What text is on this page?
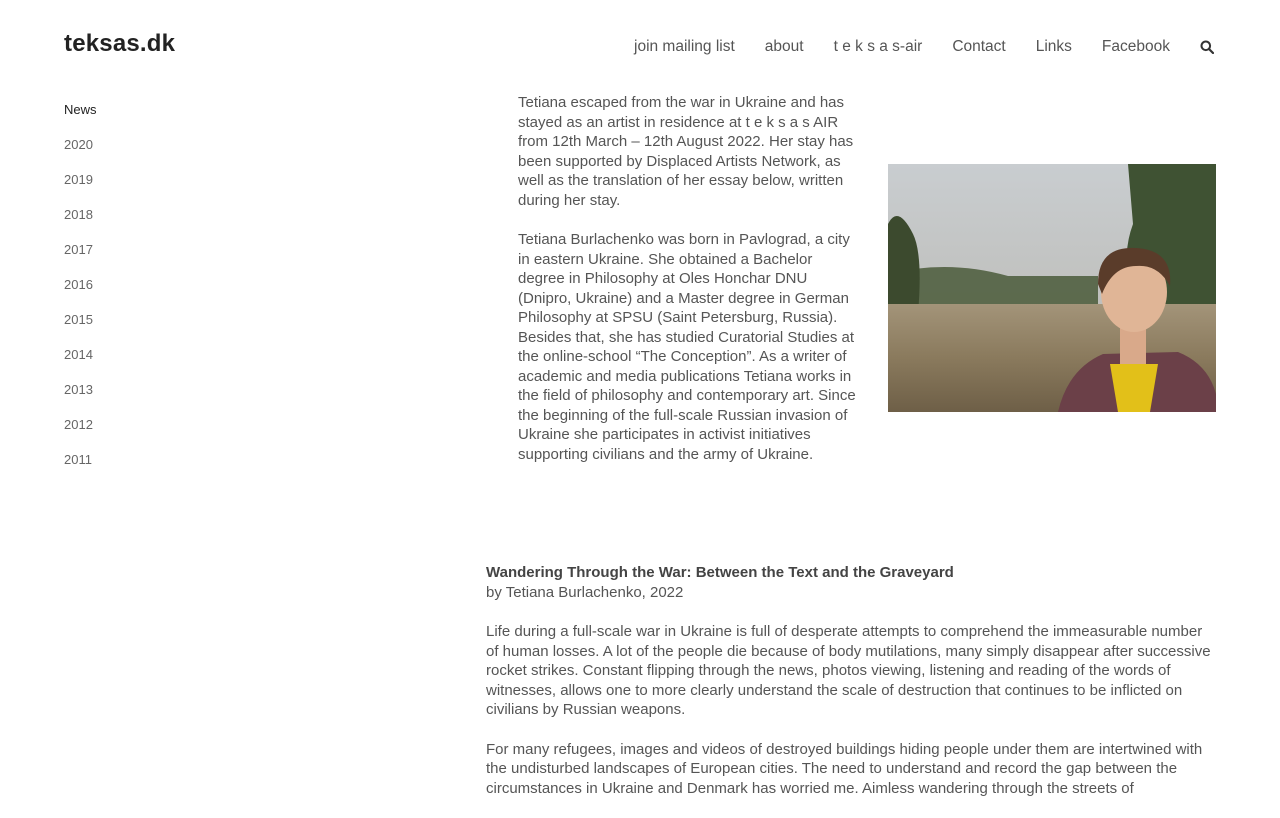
teksas.dk	join mailing list about t e k s a s-air Contact Links Facebook
News
2020
2019
2018
2017
2016
2015
2014
2013
2012
2011

Tetiana escaped from the war in Ukraine and has stayed as an artist in residence at t e k s a s AIR from 12th March – 12th August 2022. Her stay has been supported by Displaced Artists Network, as well as the translation of her essay below, written during her stay.

Tetiana Burlachenko was born in Pavlograd, a city in eastern Ukraine. She obtained a Bachelor degree in Philosophy at Oles Honchar DNU (Dnipro, Ukraine) and a Master degree in German Philosophy at SPSU (Saint Petersburg, Russia). Besides that, she has studied Curatorial Studies at the online-school “The Conception”. As a writer of academic and media publications Tetiana works in the field of philosophy and contemporary art. Since the beginning of the full-scale Russian invasion of Ukraine she participates in activist initiatives supporting civilians and the army of Ukraine.

Wandering Through the War: Between the Text and the Graveyard
by Tetiana Burlachenko, 2022

Life during a full-scale war in Ukraine is full of desperate attempts to comprehend the immeasurable number of human losses. A lot of the people die because of body mutilations, many simply disappear after successive rocket strikes. Constant flipping through the news, photos viewing, listening and reading of the words of witnesses, allows one to more clearly understand the scale of destruction that continues to be inflicted on civilians by Russian weapons.

For many refugees, images and videos of destroyed buildings hiding people under them are intertwined with the undisturbed landscapes of European cities. The need to understand and record the gap between the circumstances in Ukraine and Denmark has worried me. Aimless wandering through the streets of
